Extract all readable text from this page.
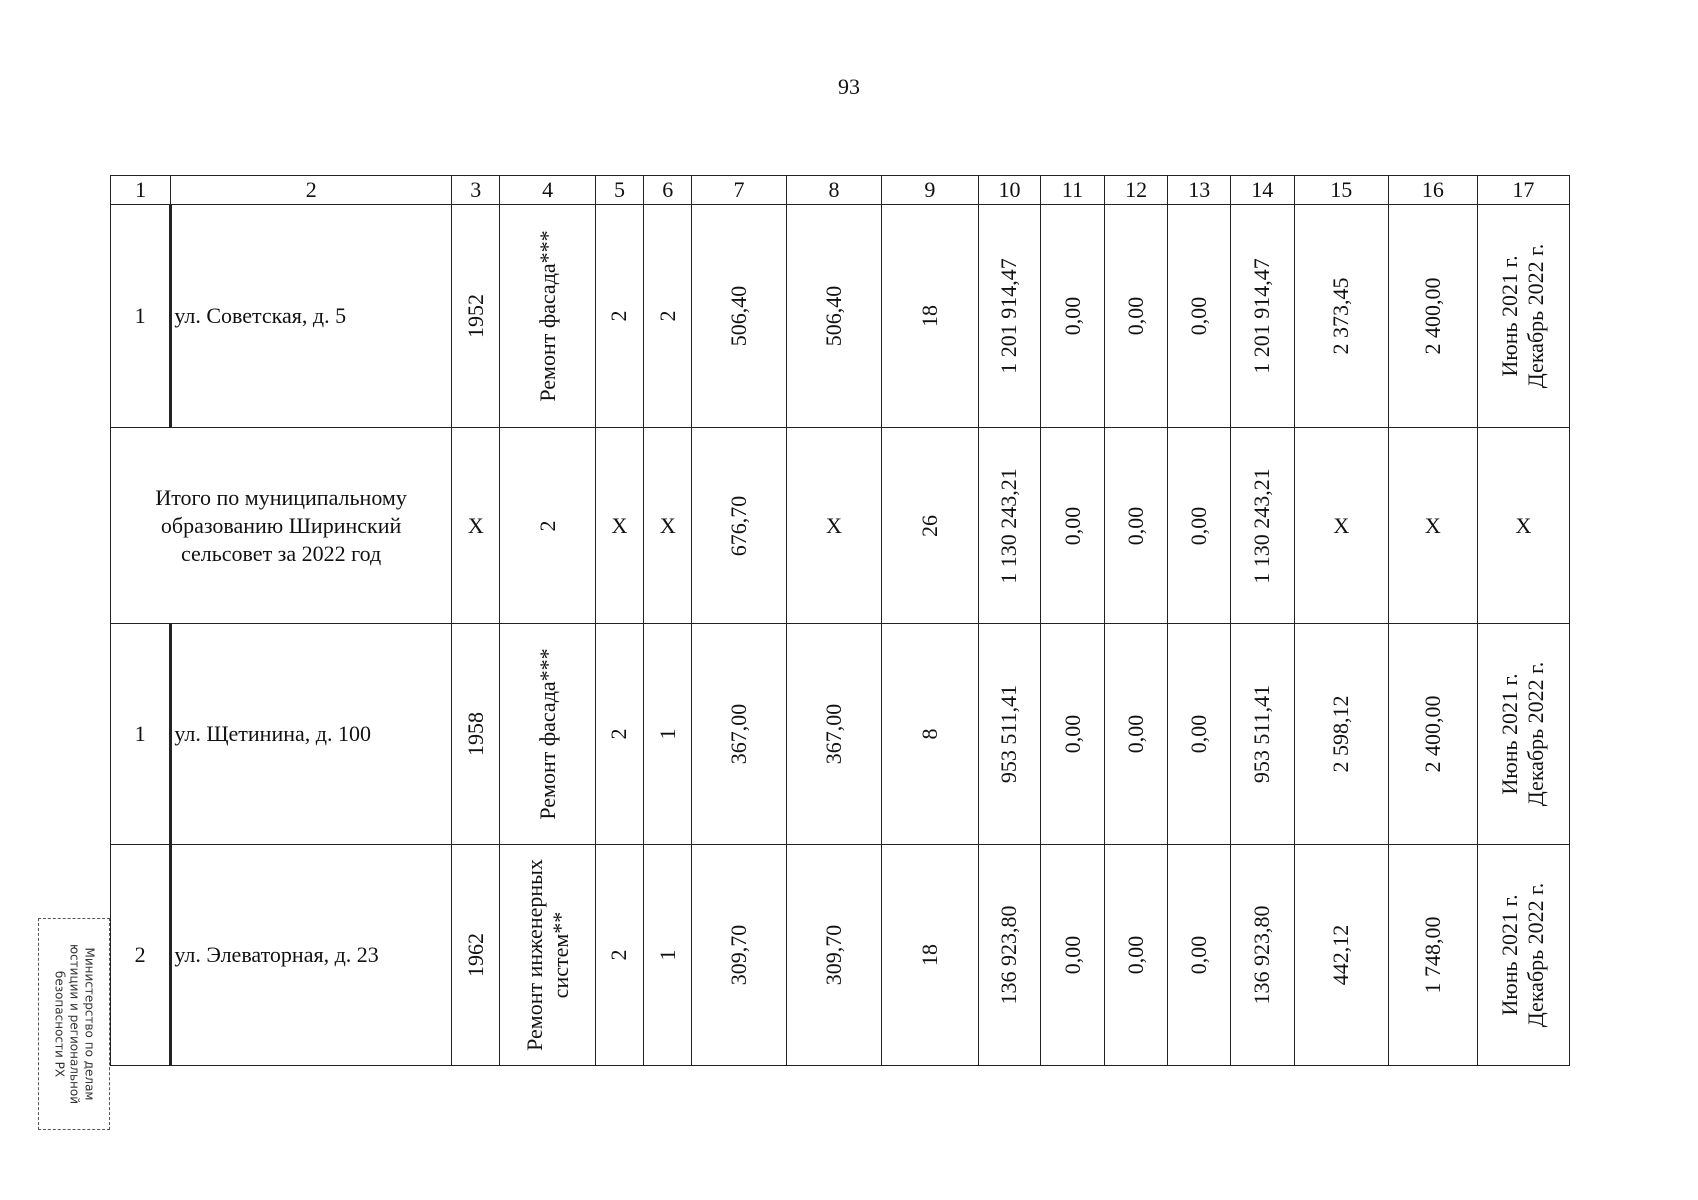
93
1	2	3	4	5	6	7	8	9	10	11	12	13	14	15	16	17
1	ул. Советская, д. 5	1952	Ремонт фасада***	2	2	506,40	506,40	18	1 201 914,47	0,00	0,00	0,00	1 201 914,47	2 373,45	2 400,00	Июнь 2021 г.
Декабрь 2022 г.

Итого по муниципальному образованию Ширинский сельсовет за 2022 год		X	2	X	X	676,70	X	26	1 130 243,21	0,00	0,00	0,00	1 130 243,21	X	X	X
1	ул. Щетинина, д. 100	1958	Ремонт фасада***	2	1	367,00	367,00	8	953 511,41	0,00	0,00	0,00	953 511,41	2 598,12	2 400,00	Июнь 2021 г.
Декабрь 2022 г.

2	ул. Элеваторная, д. 23	1962	Ремонт инженерных
систем**	2	1	309,70	309,70	18	136 923,80	0,00	0,00	0,00	136 923,80	442,12	1 748,00	Июнь 2021 г.
Декабрь 2022 г.
Министерство по делам
юстиции и региональной
безопасности РХ
